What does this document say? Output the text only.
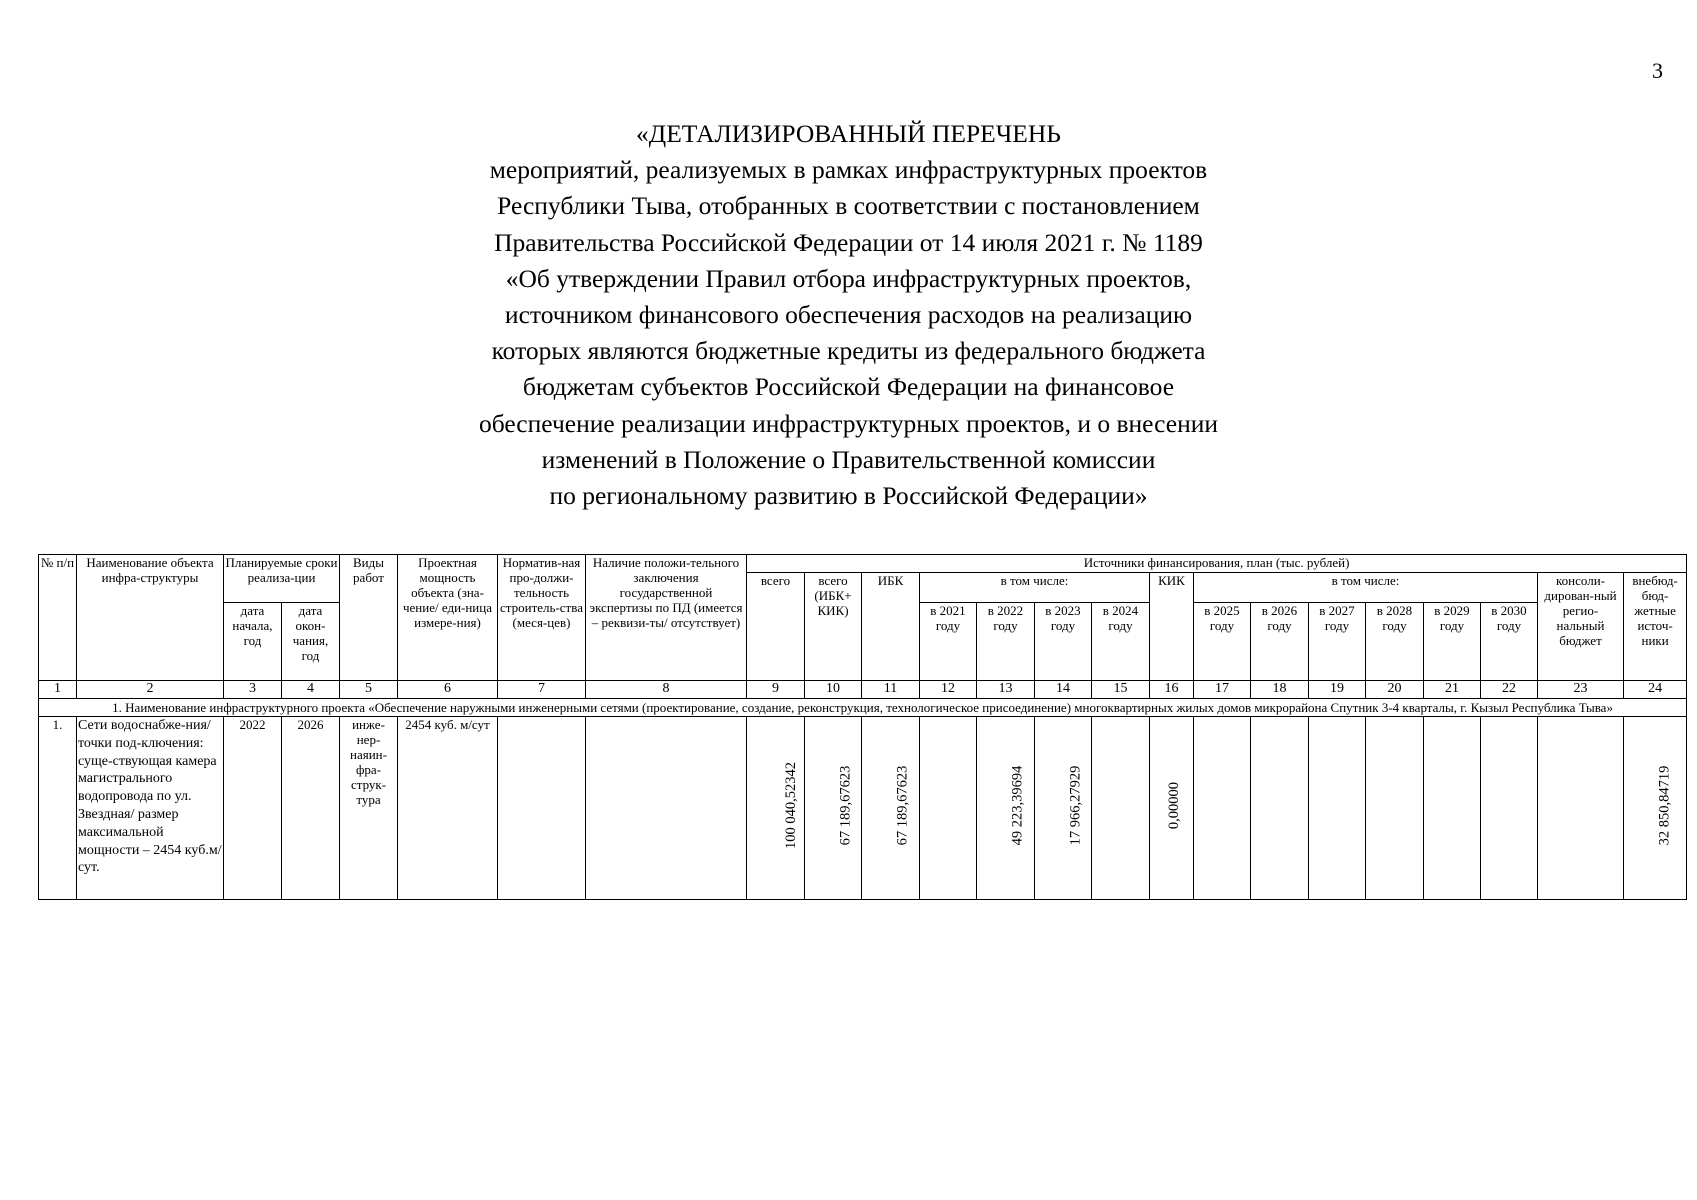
3
«ДЕТАЛИЗИРОВАННЫЙ ПЕРЕЧЕНЬ
мероприятий, реализуемых в рамках инфраструктурных проектов
Республики Тыва, отобранных в соответствии с постановлением
Правительства Российской Федерации от 14 июля 2021 г. № 1189
«Об утверждении Правил отбора инфраструктурных проектов,
источником финансового обеспечения расходов на реализацию
которых являются бюджетные кредиты из федерального бюджета
бюджетам субъектов Российской Федерации на финансовое
обеспечение реализации инфраструктурных проектов, и о внесении
изменений в Положение о Правительственной комиссии
по региональному развитию в Российской Федерации»
№ п/п	Наименование объекта инфра-структуры	Планируемые сроки реализа-ции		Виды работ	Проектная мощность объекта (зна-чение/ еди-ница измере-ния)	Норматив-ная про-должи-тельность строитель-ства (меся-цев)	Наличие положи-тельного заключения государственной экспертизы по ПД (имеется – реквизи-ты/ отсутствует)	Источники финансирования, план (тыс. рублей)															
								всего	всего (ИБК+ КИК)	ИБК	в том числе:				КИК	в том числе:						консоли-дирован-ный регио-нальный бюджет	внебюд-бюд-жетные источ-ники
		дата начала, год	дата окон-чания, год								в 2021 году	в 2022 году	в 2023 году	в 2024 году		в 2025 году	в 2026 году	в 2027 году	в 2028 году	в 2029 году	в 2030 году		

1	2	3	4	5	6	7	8	9	10	11	12	13	14	15	16	17	18	19	20	21	22	23	24
1. Наименование инфраструктурного проекта «Обеспечение наружными инженерными сетями (проектирование, создание, реконструкция, технологическое присоединение) многоквартирных жилых домов микрорайона Спутник 3-4 кварталы, г. Кызыл Республика Тыва»																							
1.	Сети водоснабже-ния/ точки под-ключения: суще-ствующая камера магистрального водопровода по ул. Звездная/ размер максимальной мощности – 2454 куб.м/сут.	2022	2026	инже-нер-наяин-фра-струк-тура	2454 куб. м/сут			100 040,52342	67 189,67623	67 189,67623		49 223,39694	17 966,27929		0,00000								32 850,84719
